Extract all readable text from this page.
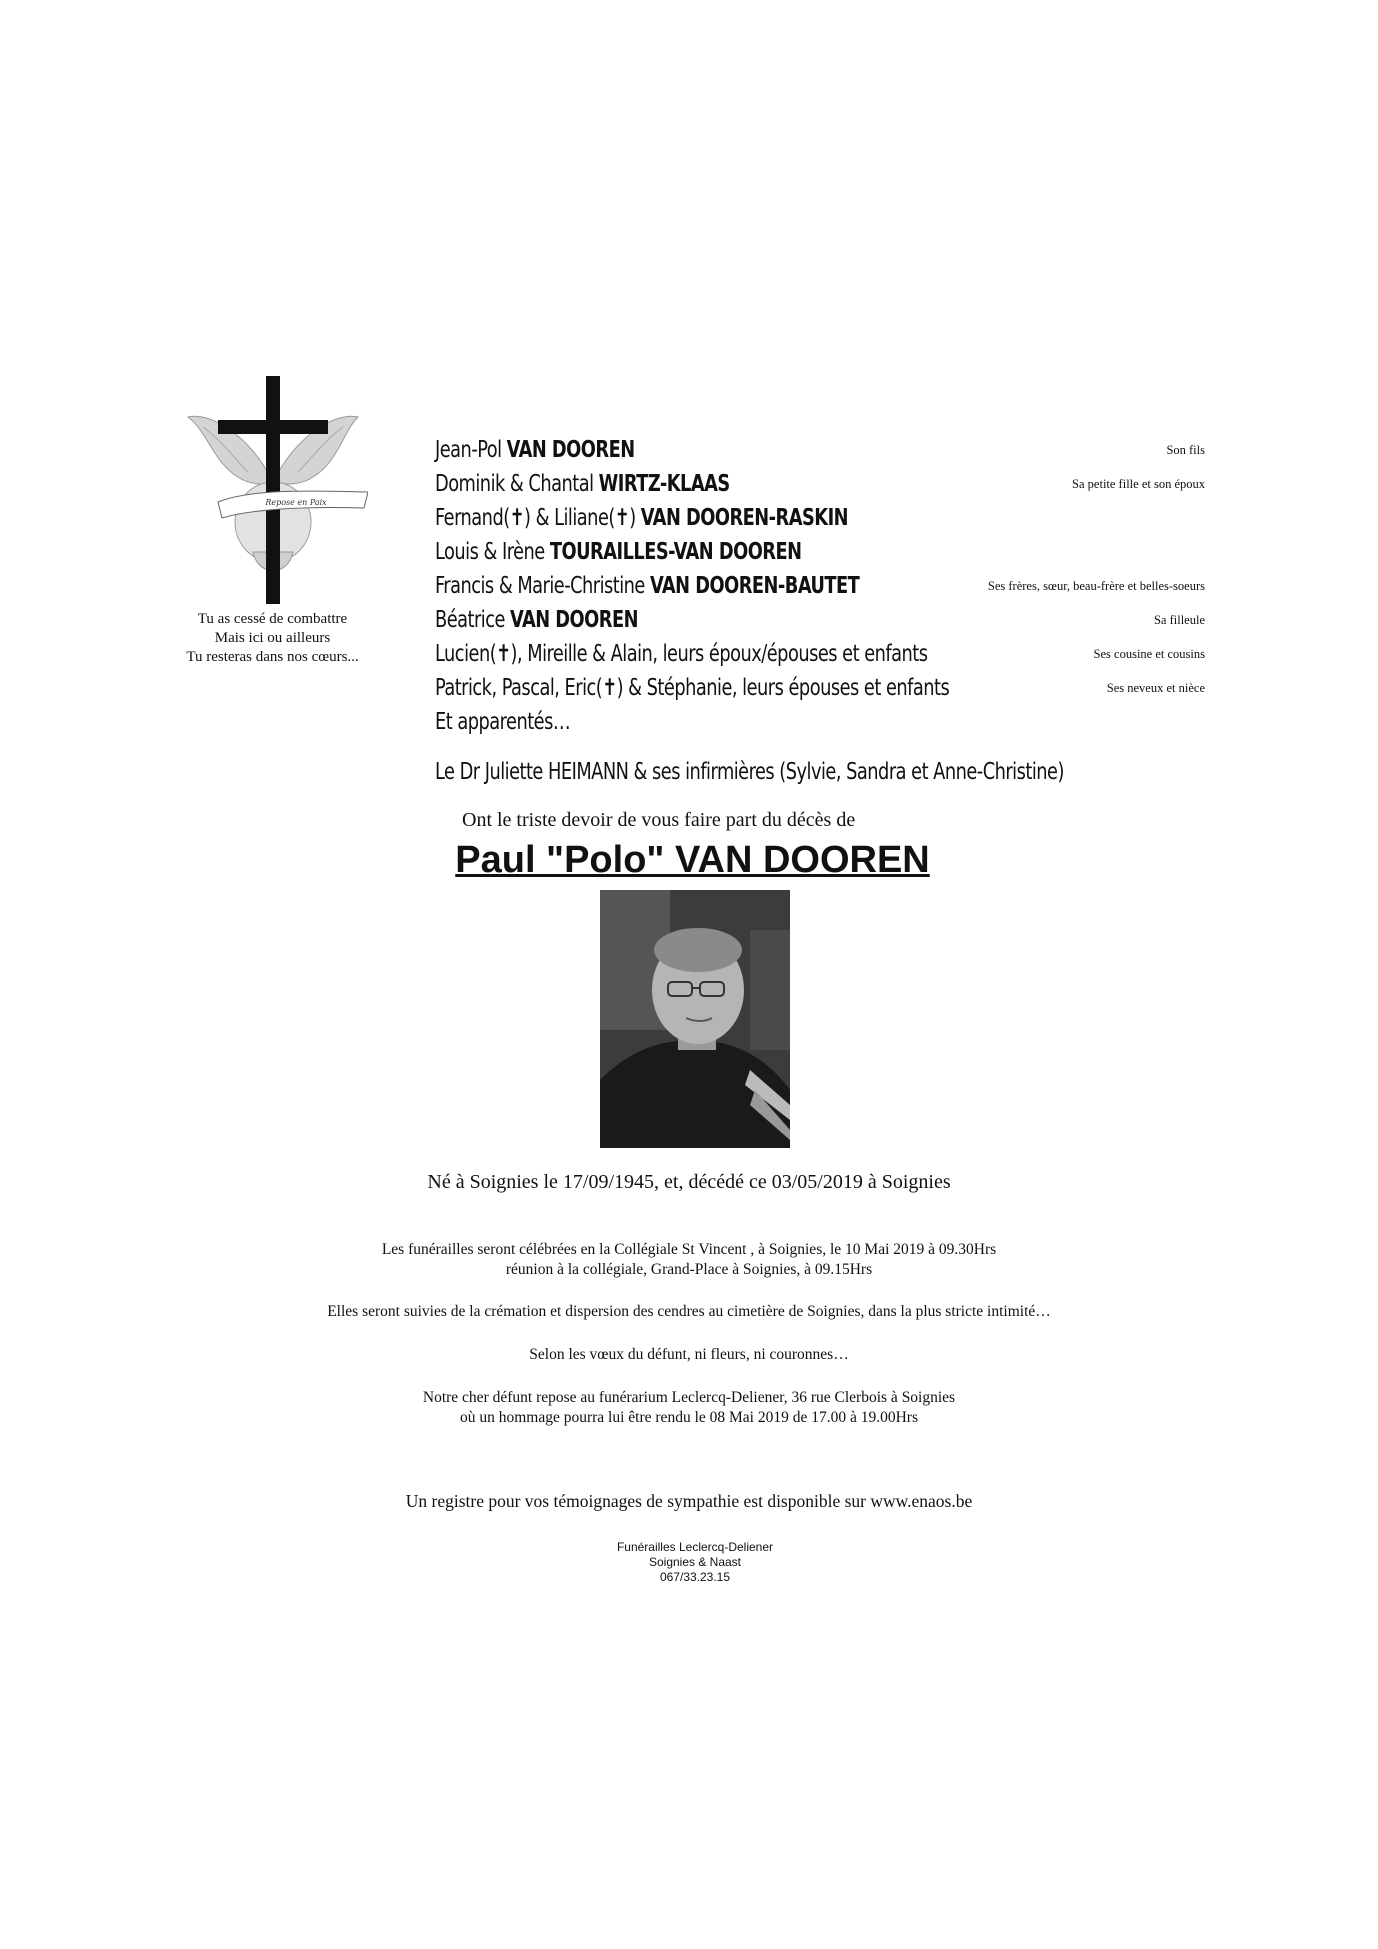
Repose en Paix
Tu as cessé de combattre
Mais ici ou ailleurs
Tu resteras dans nos cœurs...
Jean-Pol VAN DOOREN	Son fils
Dominik & Chantal WIRTZ-KLAAS	Sa petite fille et son époux
Fernand(✝) & Liliane(✝) VAN DOOREN-RASKIN
Louis & Irène TOURAILLES-VAN DOOREN
Francis & Marie-Christine VAN DOOREN-BAUTET	Ses frères, sœur, beau-frère et belles-soeurs
Béatrice VAN DOOREN	Sa filleule
Lucien(✝), Mireille & Alain, leurs époux/épouses et enfants	Ses cousine et cousins
Patrick, Pascal, Eric(✝) & Stéphanie, leurs épouses et enfants	Ses neveux et nièce
Et apparentés…
Le Dr Juliette HEIMANN & ses infirmières (Sylvie, Sandra et Anne-Christine)
Ont le triste devoir de vous faire part du décès de
Paul "Polo" VAN DOOREN
Né à Soignies le 17/09/1945, et, décédé ce 03/05/2019 à Soignies
Les funérailles seront célébrées en la Collégiale St Vincent , à Soignies, le 10 Mai 2019 à 09.30Hrs
réunion à la collégiale, Grand-Place à Soignies, à 09.15Hrs
Elles seront suivies de la crémation et dispersion des cendres au cimetière de Soignies, dans la plus stricte intimité…
Selon les vœux du défunt, ni fleurs, ni couronnes…
Notre cher défunt repose au funérarium Leclercq-Deliener, 36 rue Clerbois à Soignies
où un hommage pourra lui être rendu le 08 Mai 2019 de 17.00 à 19.00Hrs
Un registre pour vos témoignages de sympathie est disponible sur www.enaos.be
Funérailles Leclercq-Deliener
Soignies & Naast
067/33.23.15
